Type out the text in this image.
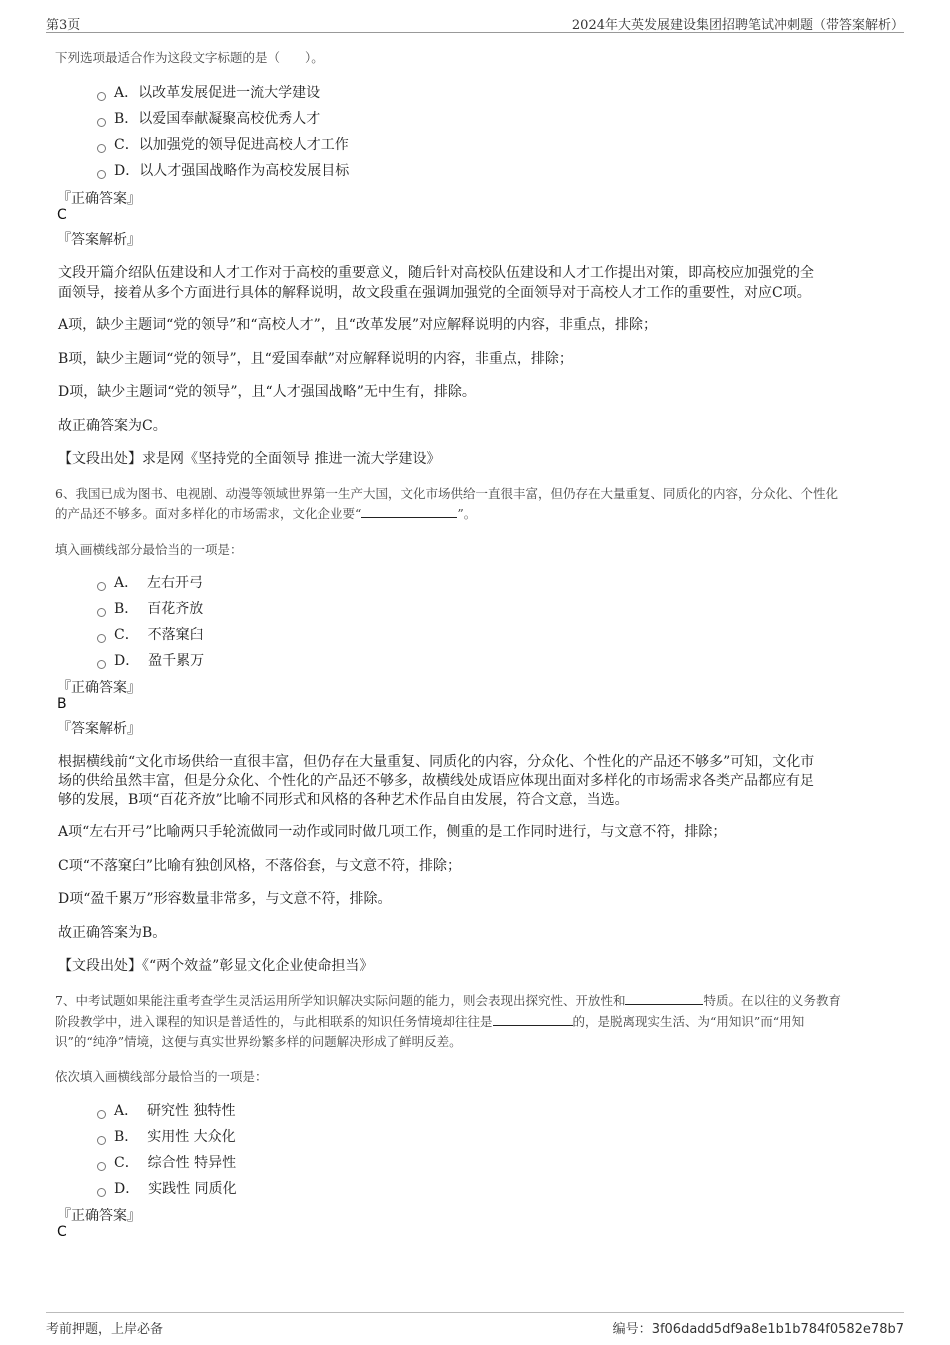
第3页	2024年大英发展建设集团招聘笔试冲刺题（带答案解析）
下列选项最适合作为这段文字标题的是（　　）。
A．以改革发展促进一流大学建设
B．以爱国奉献凝聚高校优秀人才
C．以加强党的领导促进高校人才工作
D．以人才强国战略作为高校发展目标
『正确答案』
C
『答案解析』
文段开篇介绍队伍建设和人才工作对于高校的重要意义，随后针对高校队伍建设和人才工作提出对策，即高校应加强党的全
面领导，接着从多个方面进行具体的解释说明，故文段重在强调加强党的全面领导对于高校人才工作的重要性，对应C项。
A项，缺少主题词“党的领导”和“高校人才”，且“改革发展”对应解释说明的内容，非重点，排除；
B项，缺少主题词“党的领导”，且“爱国奉献”对应解释说明的内容，非重点，排除；
D项，缺少主题词“党的领导”，且“人才强国战略”无中生有，排除。
故正确答案为C。
【文段出处】求是网《坚持党的全面领导 推进一流大学建设》
6、我国已成为图书、电视剧、动漫等领域世界第一生产大国，文化市场供给一直很丰富，但仍存在大量重复、同质化的内容，分众化、个性化
的产品还不够多。面对多样化的市场需求，文化企业要“	”。
填入画横线部分最恰当的一项是：
A． 左右开弓
B． 百花齐放
C． 不落窠臼
D． 盈千累万
『正确答案』
B
『答案解析』
根据横线前“文化市场供给一直很丰富，但仍存在大量重复、同质化的内容，分众化、个性化的产品还不够多”可知，文化市
场的供给虽然丰富，但是分众化、个性化的产品还不够多，故横线处成语应体现出面对多样化的市场需求各类产品都应有足
够的发展，B项“百花齐放”比喻不同形式和风格的各种艺术作品自由发展，符合文意，当选。
A项“左右开弓”比喻两只手轮流做同一动作或同时做几项工作，侧重的是工作同时进行，与文意不符，排除；
C项“不落窠臼”比喻有独创风格，不落俗套，与文意不符，排除；
D项“盈千累万”形容数量非常多，与文意不符，排除。
故正确答案为B。
【文段出处】《“两个效益”彰显文化企业使命担当》
7、中考试题如果能注重考查学生灵活运用所学知识解决实际问题的能力，则会表现出探究性、开放性和	特质。在以往的义务教育
阶段教学中，进入课程的知识是普适性的，与此相联系的知识任务情境却往往是	的，是脱离现实生活、为“用知识”而“用知
识”的“纯净”情境，这便与真实世界纷繁多样的问题解决形成了鲜明反差。
依次填入画横线部分最恰当的一项是：
A． 研究性 独特性
B． 实用性 大众化
C． 综合性 特异性
D． 实践性 同质化
『正确答案』
C
考前押题，上岸必备	编号：3f06dadd5df9a8e1b1b784f0582e78b7
